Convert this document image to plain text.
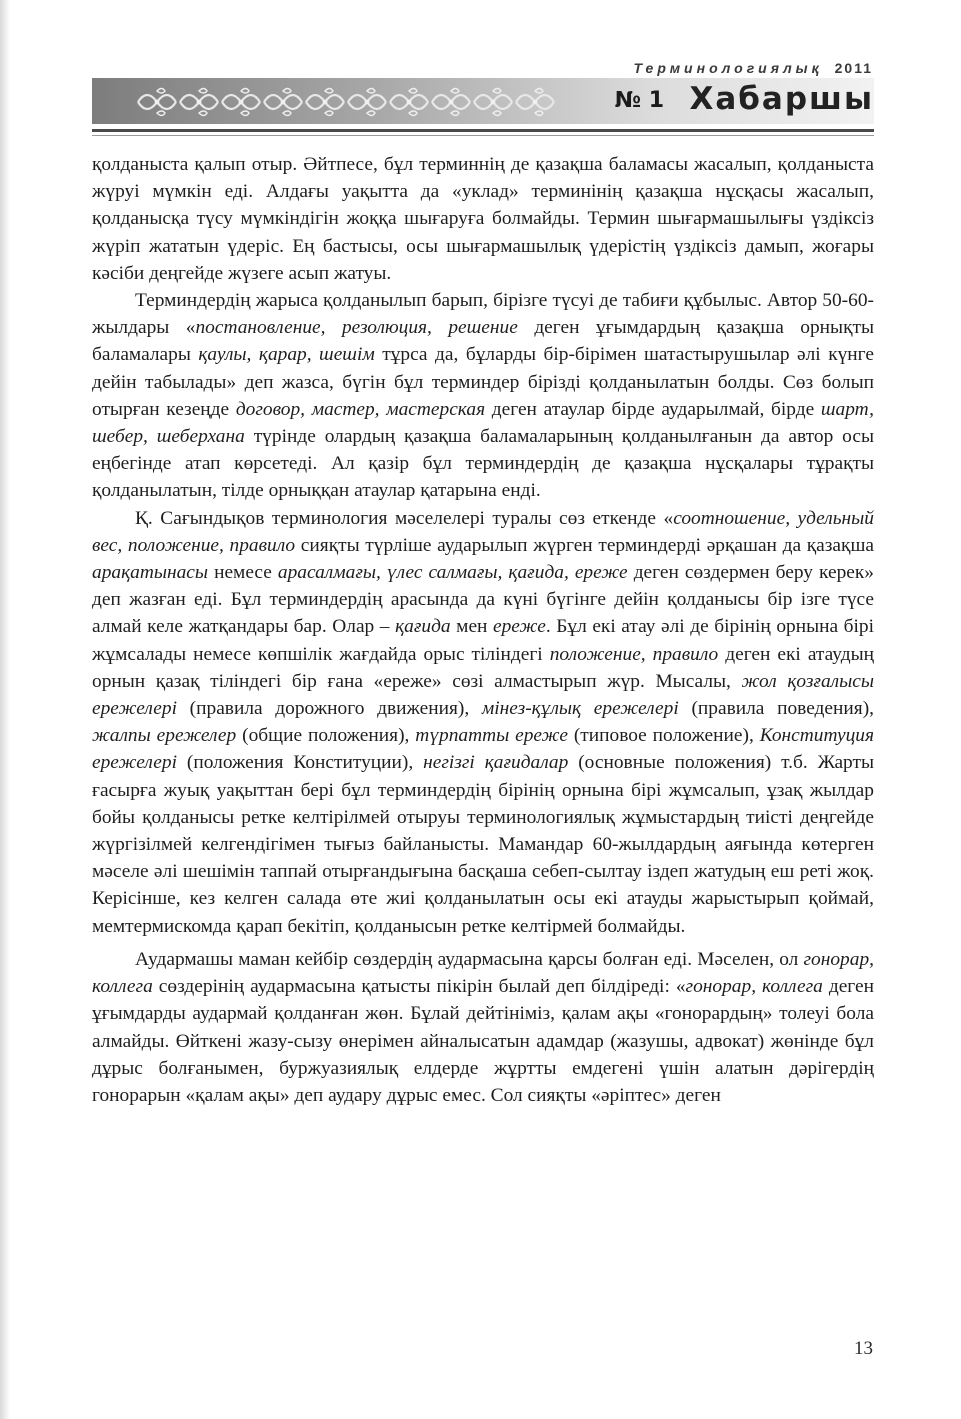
Терминологиялық 2011
№ 1 Хабаршы

қолданыста қалып отыр. Әйтпесе, бұл терминнің де қазақша баламасы жасалып, қолданыста жүруі мүмкін еді. Алдағы уақытта да «уклад» терминінің қазақша нұсқасы жасалып, қолданысқа түсу мүмкіндігін жоққа шығаруға болмайды. Термин шығармашылығы үздіксіз жүріп жататын үдеріс. Ең бастысы, осы шығармашылық үдерістің үздіксіз дамып, жоғары кәсіби деңгейде жүзеге асып жатуы.

Терминдердің жарыса қолданылып барып, бірізге түсуі де табиғи құбылыс. Автор 50-60-жылдары «постановление, резолюция, решение деген ұғымдардың қазақша орнықты баламалары қаулы, қарар, шешім тұрса да, бұларды бір-бірімен шатастырушылар әлі күнге дейін табылады» деп жазса, бүгін бұл терминдер бірізді қолданылатын болды. Сөз болып отырған кезеңде договор, мастер, мастерская деген атаулар бірде аударылмай, бірде шарт, шебер, шеберхана түрінде олардың қазақша баламаларының қолданылғанын да автор осы еңбегінде атап көрсетеді. Ал қазір бұл терминдердің де қазақша нұсқалары тұрақты қолданылатын, тілде орныққан атаулар қатарына енді.

Қ. Сағындықов терминология мәселелері туралы сөз еткенде «соотношение, удельный вес, положение, правило сияқты түрліше аударылып жүрген терминдерді әрқашан да қазақша арақатынасы немесе арасалмағы, үлес салмағы, қағида, ереже деген сөздермен беру керек» деп жазған еді. Бұл терминдердің арасында да күні бүгінге дейін қолданысы бір ізге түсе алмай келе жатқандары бар. Олар – қағида мен ереже. Бұл екі атау әлі де бірінің орнына бірі жұмсалады немесе көпшілік жағдайда орыс тіліндегі положение, правило деген екі атаудың орнын қазақ тіліндегі бір ғана «ереже» сөзі алмастырып жүр. Мысалы, жол қозғалысы ережелері (правила дорожного движения), мінез-құлық ережелері (правила поведения), жалпы ережелер (общие положения), түрпатты ереже (типовое положение), Конституция ережелері (положения Конституции), негізгі қағидалар (основные положения) т.б. Жарты ғасырға жуық уақыттан бері бұл терминдердің бірінің орнына бірі жұмсалып, ұзақ жылдар бойы қолданысы ретке келтірілмей отыруы терминологиялық жұмыстардың тиісті деңгейде жүргізілмей келгендігімен тығыз байланысты. Мамандар 60-жылдардың аяғында көтерген мәселе әлі шешімін таппай отырғандығына басқаша себеп-сылтау іздеп жатудың еш реті жоқ. Керісінше, кез келген салада өте жиі қолданылатын осы екі атауды жарыстырып қоймай, мемтермискомда қарап бекітіп, қолданысын ретке келтірмей болмайды.

Аудармашы маман кейбір сөздердің аудармасына қарсы болған еді. Мәселен, ол гонорар, коллега сөздерінің аудармасына қатысты пікірін былай деп білдіреді: «гонорар, коллега деген ұғымдарды аудармай қолданған жөн. Бұлай дейтініміз, қалам ақы «гонорардың» толеуі бола алмайды. Өйткені жазу-сызу өнерімен айналысатын адамдар (жазушы, адвокат) жөнінде бұл дұрыс болғанымен, буржуазиялық елдерде жұртты емдегені үшін алатын дәрігердің гонорарын «қалам ақы» деп аудару дұрыс емес. Сол сияқты «әріптес» деген

13
